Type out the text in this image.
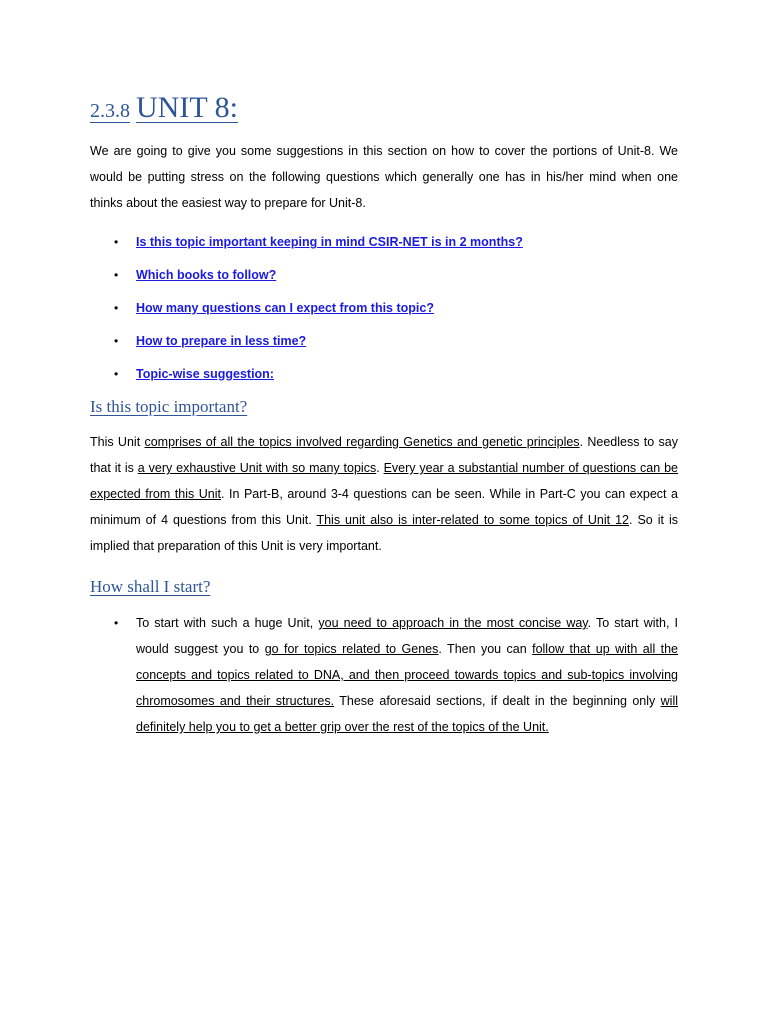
2.3.8 UNIT 8:

We are going to give you some suggestions in this section on how to cover the portions of Unit-8. We would be putting stress on the following questions which generally one has in his/her mind when one thinks about the easiest way to prepare for Unit-8.

• Is this topic important keeping in mind CSIR-NET is in 2 months?
• Which books to follow?
• How many questions can I expect from this topic?
• How to prepare in less time?
• Topic-wise suggestion:
Is this topic important?

This Unit comprises of all the topics involved regarding Genetics and genetic principles. Needless to say that it is a very exhaustive Unit with so many topics. Every year a substantial number of questions can be expected from this Unit. In Part-B, around 3-4 questions can be seen. While in Part-C you can expect a minimum of 4 questions from this Unit. This unit also is inter-related to some topics of Unit 12. So it is implied that preparation of this Unit is very important.

How shall I start?
• To start with such a huge Unit, you need to approach in the most concise way. To start with, I would suggest you to go for topics related to Genes. Then you can follow that up with all the concepts and topics related to DNA, and then proceed towards topics and sub-topics involving chromosomes and their structures. These aforesaid sections, if dealt in the beginning only will definitely help you to get a better grip over the rest of the topics of the Unit.
